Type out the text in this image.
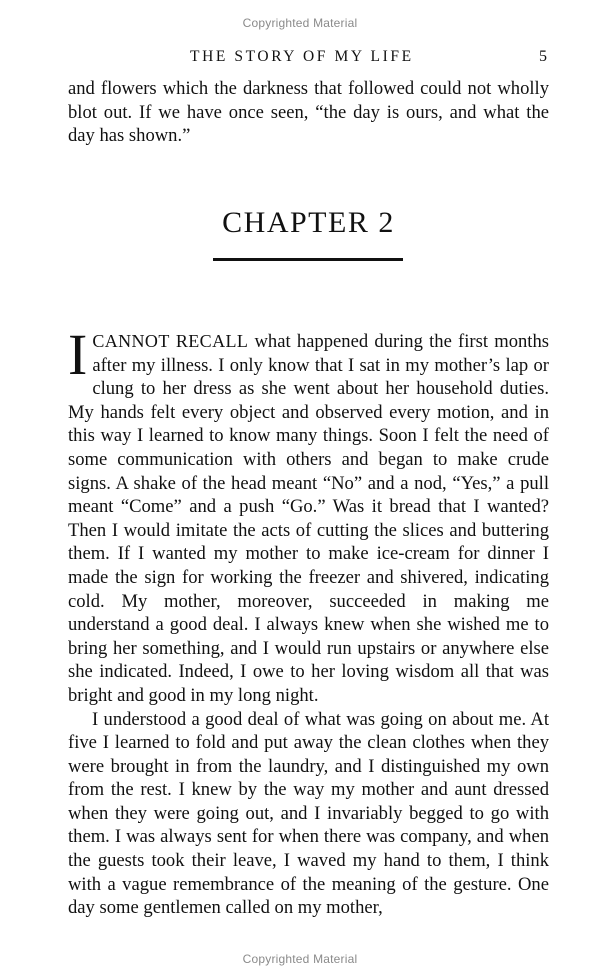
Copyrighted Material
THE STORY OF MY LIFE	5

and flowers which the darkness that followed could not wholly blot out. If we have once seen, “the day is ours, and what the day has shown.”

CHAPTER 2

ICANNOT RECALL what happened during the first months after my illness. I only know that I sat in my mother’s lap or clung to her dress as she went about her household duties. My hands felt every object and observed every motion, and in this way I learned to know many things. Soon I felt the need of some communication with others and began to make crude signs. A shake of the head meant “No” and a nod, “Yes,” a pull meant “Come” and a push “Go.” Was it bread that I wanted? Then I would imitate the acts of cutting the slices and buttering them. If I wanted my mother to make ice-cream for dinner I made the sign for working the freezer and shivered, indicating cold. My mother, moreover, succeeded in making me understand a good deal. I always knew when she wished me to bring her something, and I would run upstairs or anywhere else she indicated. Indeed, I owe to her loving wisdom all that was bright and good in my long night.

I understood a good deal of what was going on about me. At five I learned to fold and put away the clean clothes when they were brought in from the laundry, and I distinguished my own from the rest. I knew by the way my mother and aunt dressed when they were going out, and I invariably begged to go with them. I was always sent for when there was company, and when the guests took their leave, I waved my hand to them, I think with a vague remembrance of the meaning of the gesture. One day some gentlemen called on my mother,

Copyrighted Material
